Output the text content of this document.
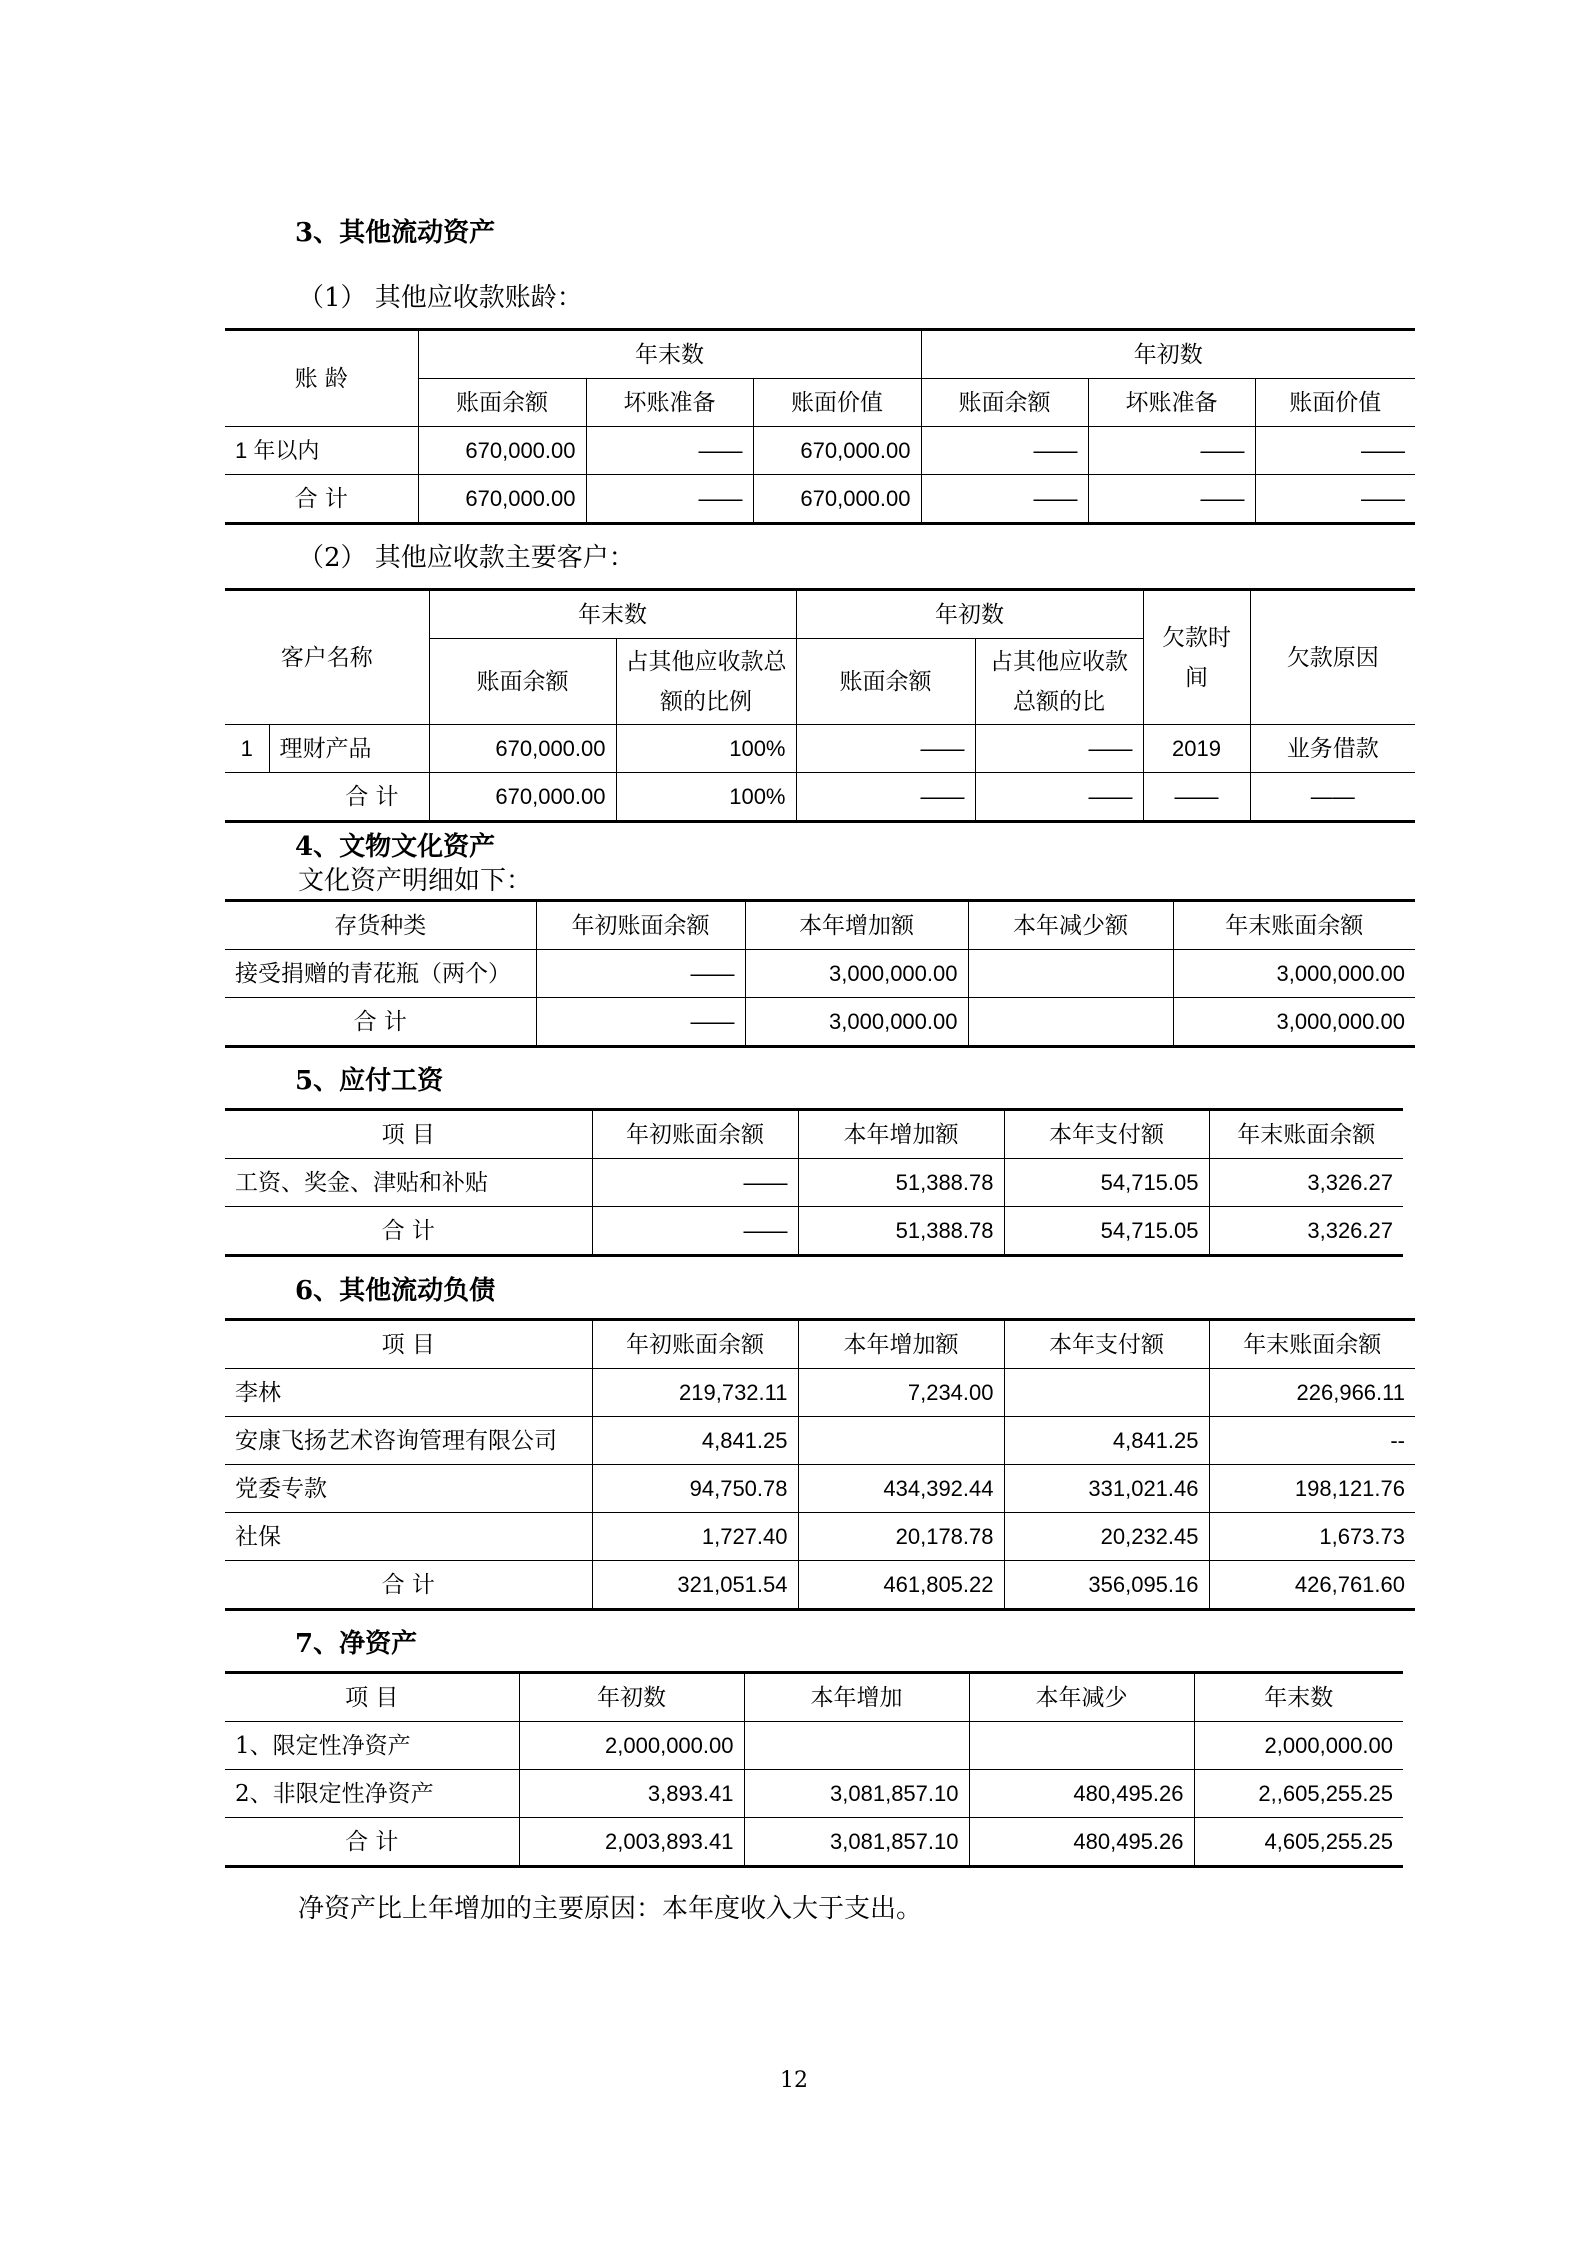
3、其他流动资产
（1） 其他应收款账龄：
账 龄	年末数			年初数		
	账面余额	坏账准备	账面价值	账面余额	坏账准备	账面价值
1 年以内	670,000.00	——	670,000.00	——	——	——
合 计	670,000.00	——	670,000.00	——	——	——
（2） 其他应收款主要客户：
客户名称		年末数		年初数		欠款时间	欠款原因
		账面余额	占其他应收款总额的比例	账面余额	占其他应收款总额的比		
1	理财产品	670,000.00	100%	——	——	2019	业务借款
合 计		670,000.00	100%	——	——	——	——
4、文物文化资产
文化资产明细如下：
存货种类	年初账面余额	本年增加额	本年减少额	年末账面余额
接受捐赠的青花瓶（两个）	——	3,000,000.00		3,000,000.00
合 计	——	3,000,000.00		3,000,000.00
5、应付工资
项 目	年初账面余额	本年增加额	本年支付额	年末账面余额
工资、奖金、津贴和补贴	——	51,388.78	54,715.05	3,326.27
合 计	——	51,388.78	54,715.05	3,326.27
6、其他流动负债
项 目	年初账面余额	本年增加额	本年支付额	年末账面余额
李林	219,732.11	7,234.00		226,966.11
安康飞扬艺术咨询管理有限公司	4,841.25		4,841.25	--
党委专款	94,750.78	434,392.44	331,021.46	198,121.76
社保	1,727.40	20,178.78	20,232.45	1,673.73
合 计	321,051.54	461,805.22	356,095.16	426,761.60
7、净资产
项 目	年初数	本年增加	本年减少	年末数
1、限定性净资产	2,000,000.00			2,000,000.00
2、非限定性净资产	3,893.41	3,081,857.10	480,495.26	2,,605,255.25
合 计	2,003,893.41	3,081,857.10	480,495.26	4,605,255.25
净资产比上年增加的主要原因：本年度收入大于支出。
12
